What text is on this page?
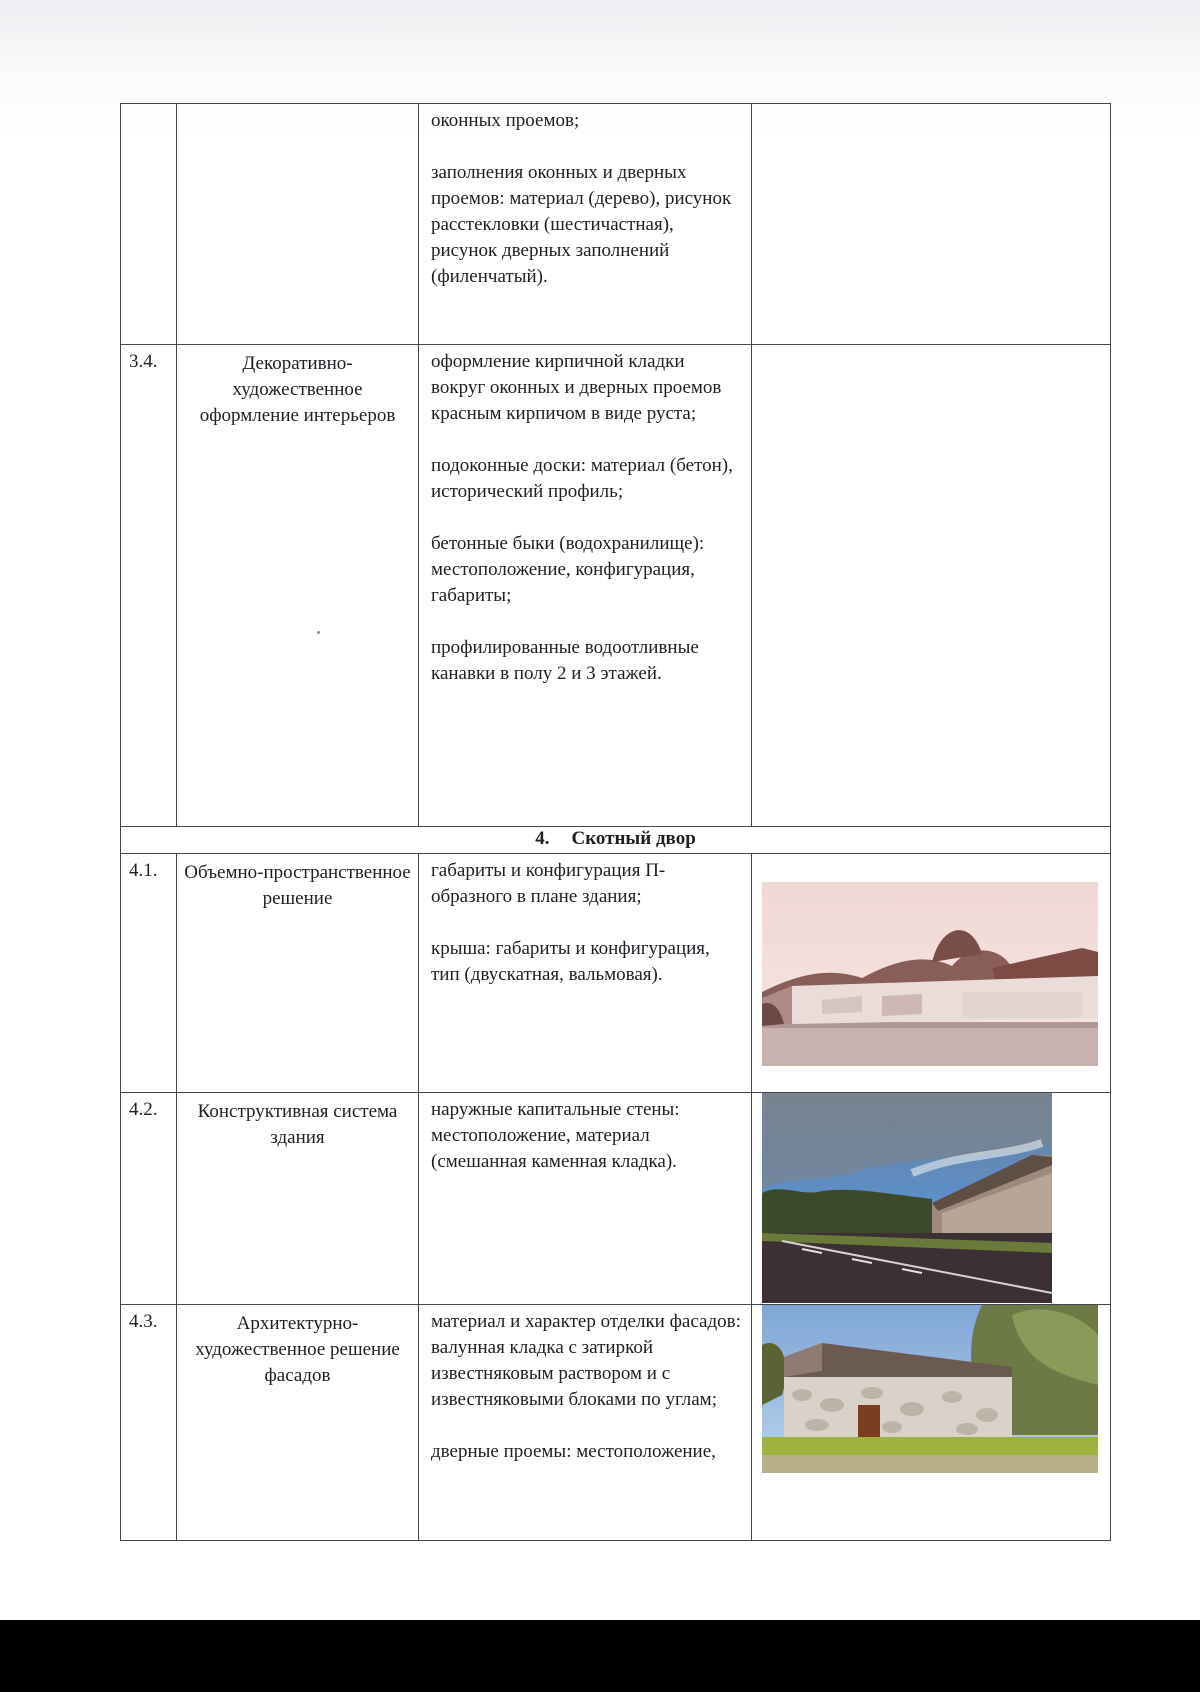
		оконных проемов;

заполнения оконных и дверных проемов: материал (дерево), рисунок расстекловки (шестичастная), рисунок дверных заполнений (филенчатый).	

3.4.	Декоративно-художественное оформление интерьеров	оформление кирпичной кладки вокруг оконных и дверных проемов красным кирпичом в виде руста;

подоконные доски: материал (бетон), исторический профиль;

бетонные быки (водохранилище): местоположение, конфигурация, габариты;

профилированные водоотливные канавки в полу 2 и 3 этажей.	

4. Скотный двор			

4.1.	Объемно-пространственное решение	габариты и конфигурация П-образного в плане здания;

крыша: габариты и конфигурация, тип (двускатная, вальмовая).

4.2.	Конструктивная система здания	наружные капитальные стены: местоположение, материал (смешанная каменная кладка).

4.3.	Архитектурно-художественное решение фасадов	материал и характер отделки фасадов: валунная кладка с затиркой известняковым раствором и с известняковыми блоками по углам;

дверные проемы: местоположение,
